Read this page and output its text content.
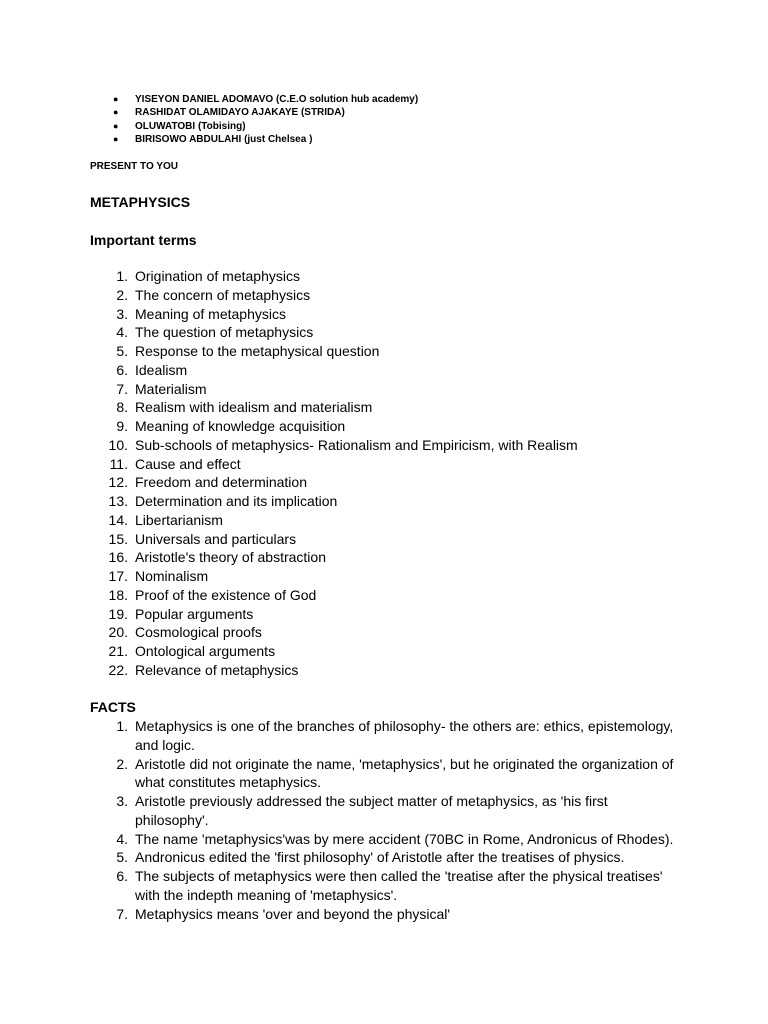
● YISEYON DANIEL ADOMAVO (C.E.O solution hub academy)
● RASHIDAT OLAMIDAYO AJAKAYE (STRIDA)
● OLUWATOBI (Tobising)
● BIRISOWO ABDULAHI (just Chelsea )
PRESENT TO YOU
METAPHYSICS
Important terms
1. Origination of metaphysics
2. The concern of metaphysics
3. Meaning of metaphysics
4. The question of metaphysics
5. Response to the metaphysical question
6. Idealism
7. Materialism
8. Realism with idealism and materialism
9. Meaning of knowledge acquisition
10. Sub-schools of metaphysics- Rationalism and Empiricism, with Realism
11. Cause and effect
12. Freedom and determination
13. Determination and its implication
14. Libertarianism
15. Universals and particulars
16. Aristotle's theory of abstraction
17. Nominalism
18. Proof of the existence of God
19. Popular arguments
20. Cosmological proofs
21. Ontological arguments
22. Relevance of metaphysics
FACTS
1. Metaphysics is one of the branches of philosophy- the others are: ethics, epistemology, and logic.
2. Aristotle did not originate the name, 'metaphysics', but he originated the organization of what constitutes metaphysics.
3. Aristotle previously addressed the subject matter of metaphysics, as 'his first philosophy'.
4. The name 'metaphysics'was by mere accident (70BC in Rome, Andronicus of Rhodes).
5. Andronicus edited the 'first philosophy' of Aristotle after the treatises of physics.
6. The subjects of metaphysics were then called the 'treatise after the physical treatises' with the indepth meaning of 'metaphysics'.
7. Metaphysics means 'over and beyond the physical'
